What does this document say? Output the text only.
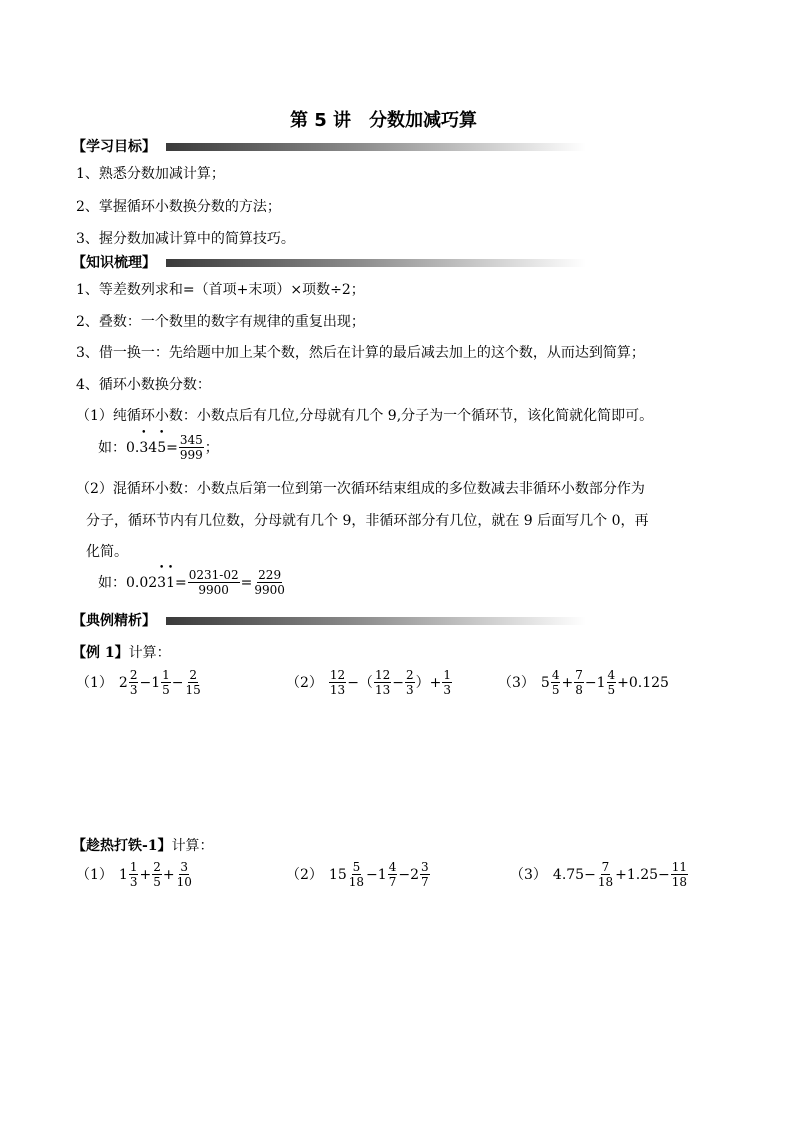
第 5 讲　分数加减巧算
【学习目标】
1、熟悉分数加减计算；
2、掌握循环小数换分数的方法；
3、握分数加减计算中的简算技巧。
【知识梳理】
1、等差数列求和=（首项+末项）×项数÷2；
2、叠数：一个数里的数字有规律的重复出现；
3、借一换一：先给题中加上某个数，然后在计算的最后减去加上的这个数，从而达到简算；
4、循环小数换分数：
（1）纯循环小数：小数点后有几位,分母就有几个 9,分子为一个循环节，该化简就化简即可。
如：0. • 3 4 • $5 = \frac{345}{999}$ ；
（2）混循环小数：小数点后第一位到第一次循环结束组成的多位数减去非循环小数部分作为
分子，循环节内有几位数，分母就有几个 9，非循环部分有几位，就在 9 后面写几个 0，再
化简。
如：0.02 • 3 • $1 = \frac{0231-02}{9900} = \frac{229}{9900}$
【典例精析】
【例 1】计算：
（1） $2 \frac{2}{3} - 1 \frac{1}{5} - \frac{2}{15}$	$(2) \frac{12}{13}$ −（ $\frac{12}{13} - \frac{2}{3}$ ）+ $\frac{1}{3}$	（3） $5 \frac{4}{5} + \frac{7}{8} - 1 \frac{4}{5} +0.125$
【趁热打铁-1】计算：
（1） $1 \frac{1}{3} + \frac{2}{5} + \frac{3}{10}$	（2） $15 \frac{5}{18} - 1 \frac{4}{7} - 2 \frac{3}{7}$	（3） $4.75- \frac{7}{18} +1.25- \frac{11}{18}$
